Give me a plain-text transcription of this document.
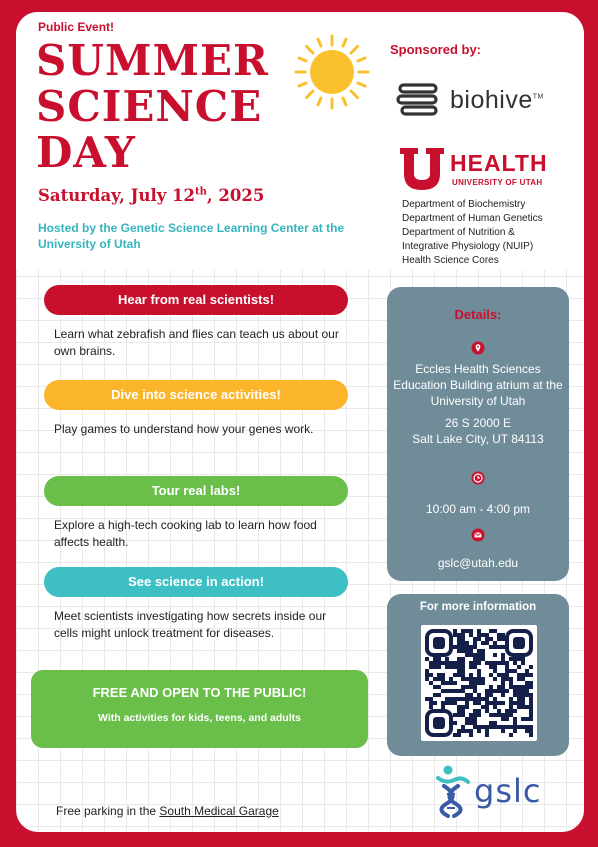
Public Event!
SUMMER
SCIENCE
DAY
Saturday, July 12th, 2025
Hosted by the Genetic Science Learning Center at the University of Utah
Sponsored by:
biohive™
HEALTH
UNIVERSITY OF UTAH
Department of Biochemistry
Department of Human Genetics
Department of Nutrition &
Integrative Physiology (NUIP)
Health Science Cores
Hear from real scientists!
Learn what zebrafish and flies can teach us about our own brains.
Dive into science activities!
Play games to understand how your genes work.
Tour real labs!
Explore a high-tech cooking lab to learn how food affects health.
See science in action!
Meet scientists investigating how secrets inside our cells might unlock treatment for diseases.
FREE AND OPEN TO THE PUBLIC!
With activities for kids, teens, and adults
Free parking in the South Medical Garage
Details:
Eccles Health Sciences Education Building atrium at the University of Utah
26 S 2000 E
Salt Lake City, UT 84113
10:00 am - 4:00 pm
gslc@utah.edu
For more information
gslc
